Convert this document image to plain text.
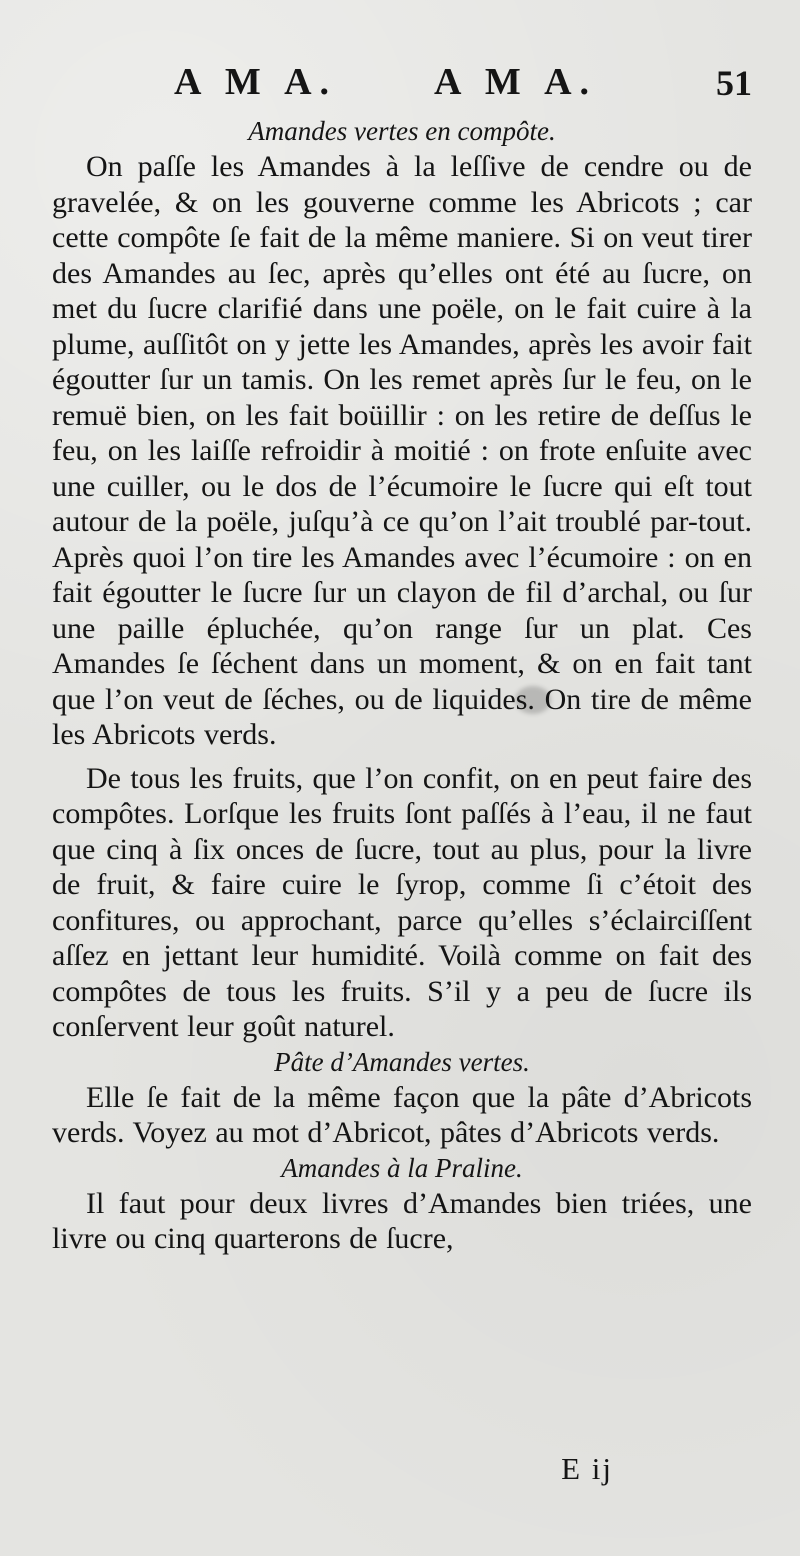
A M A.	A M A.	51
Amandes vertes en compôte.

On paſſe les Amandes à la leſſive de cendre ou de gravelée, & on les gouverne comme les Abricots ; car cette compôte ſe fait de la même maniere. Si on veut tirer des Amandes au ſec, après qu’elles ont été au ſucre, on met du ſucre clarifié dans une poële, on le fait cuire à la plume, auſſitôt on y jette les Amandes, après les avoir fait égoutter ſur un tamis. On les remet après ſur le feu, on le remuë bien, on les fait boüillir : on les retire de deſſus le feu, on les laiſſe refroidir à moitié : on frote enſuite avec une cuiller, ou le dos de l’écumoire le ſucre qui eſt tout autour de la poële, juſqu’à ce qu’on l’ait troublé par-tout. Après quoi l’on tire les Amandes avec l’écumoire : on en fait égoutter le ſucre ſur un clayon de fil d’archal, ou ſur une paille épluchée, qu’on range ſur un plat. Ces Amandes ſe ſéchent dans un moment, & on en fait tant que l’on veut de ſéches, ou de liquides. On tire de même les Abricots verds.

De tous les fruits, que l’on confit, on en peut faire des compôtes. Lorſque les fruits ſont paſſés à l’eau, il ne faut que cinq à ſix onces de ſucre, tout au plus, pour la livre de fruit, & faire cuire le ſyrop, comme ſi c’étoit des confitures, ou approchant, parce qu’elles s’éclairciſſent aſſez en jettant leur humidité. Voilà comme on fait des compôtes de tous les fruits. S’il y a peu de ſucre ils conſervent leur goût naturel.

Pâte d’Amandes vertes.

Elle ſe fait de la même façon que la pâte d’Abricots verds. Voyez au mot d’Abricot, pâtes d’Abricots verds.

Amandes à la Praline.

Il faut pour deux livres d’Amandes bien triées, une livre ou cinq quarterons de ſucre,

E ij
